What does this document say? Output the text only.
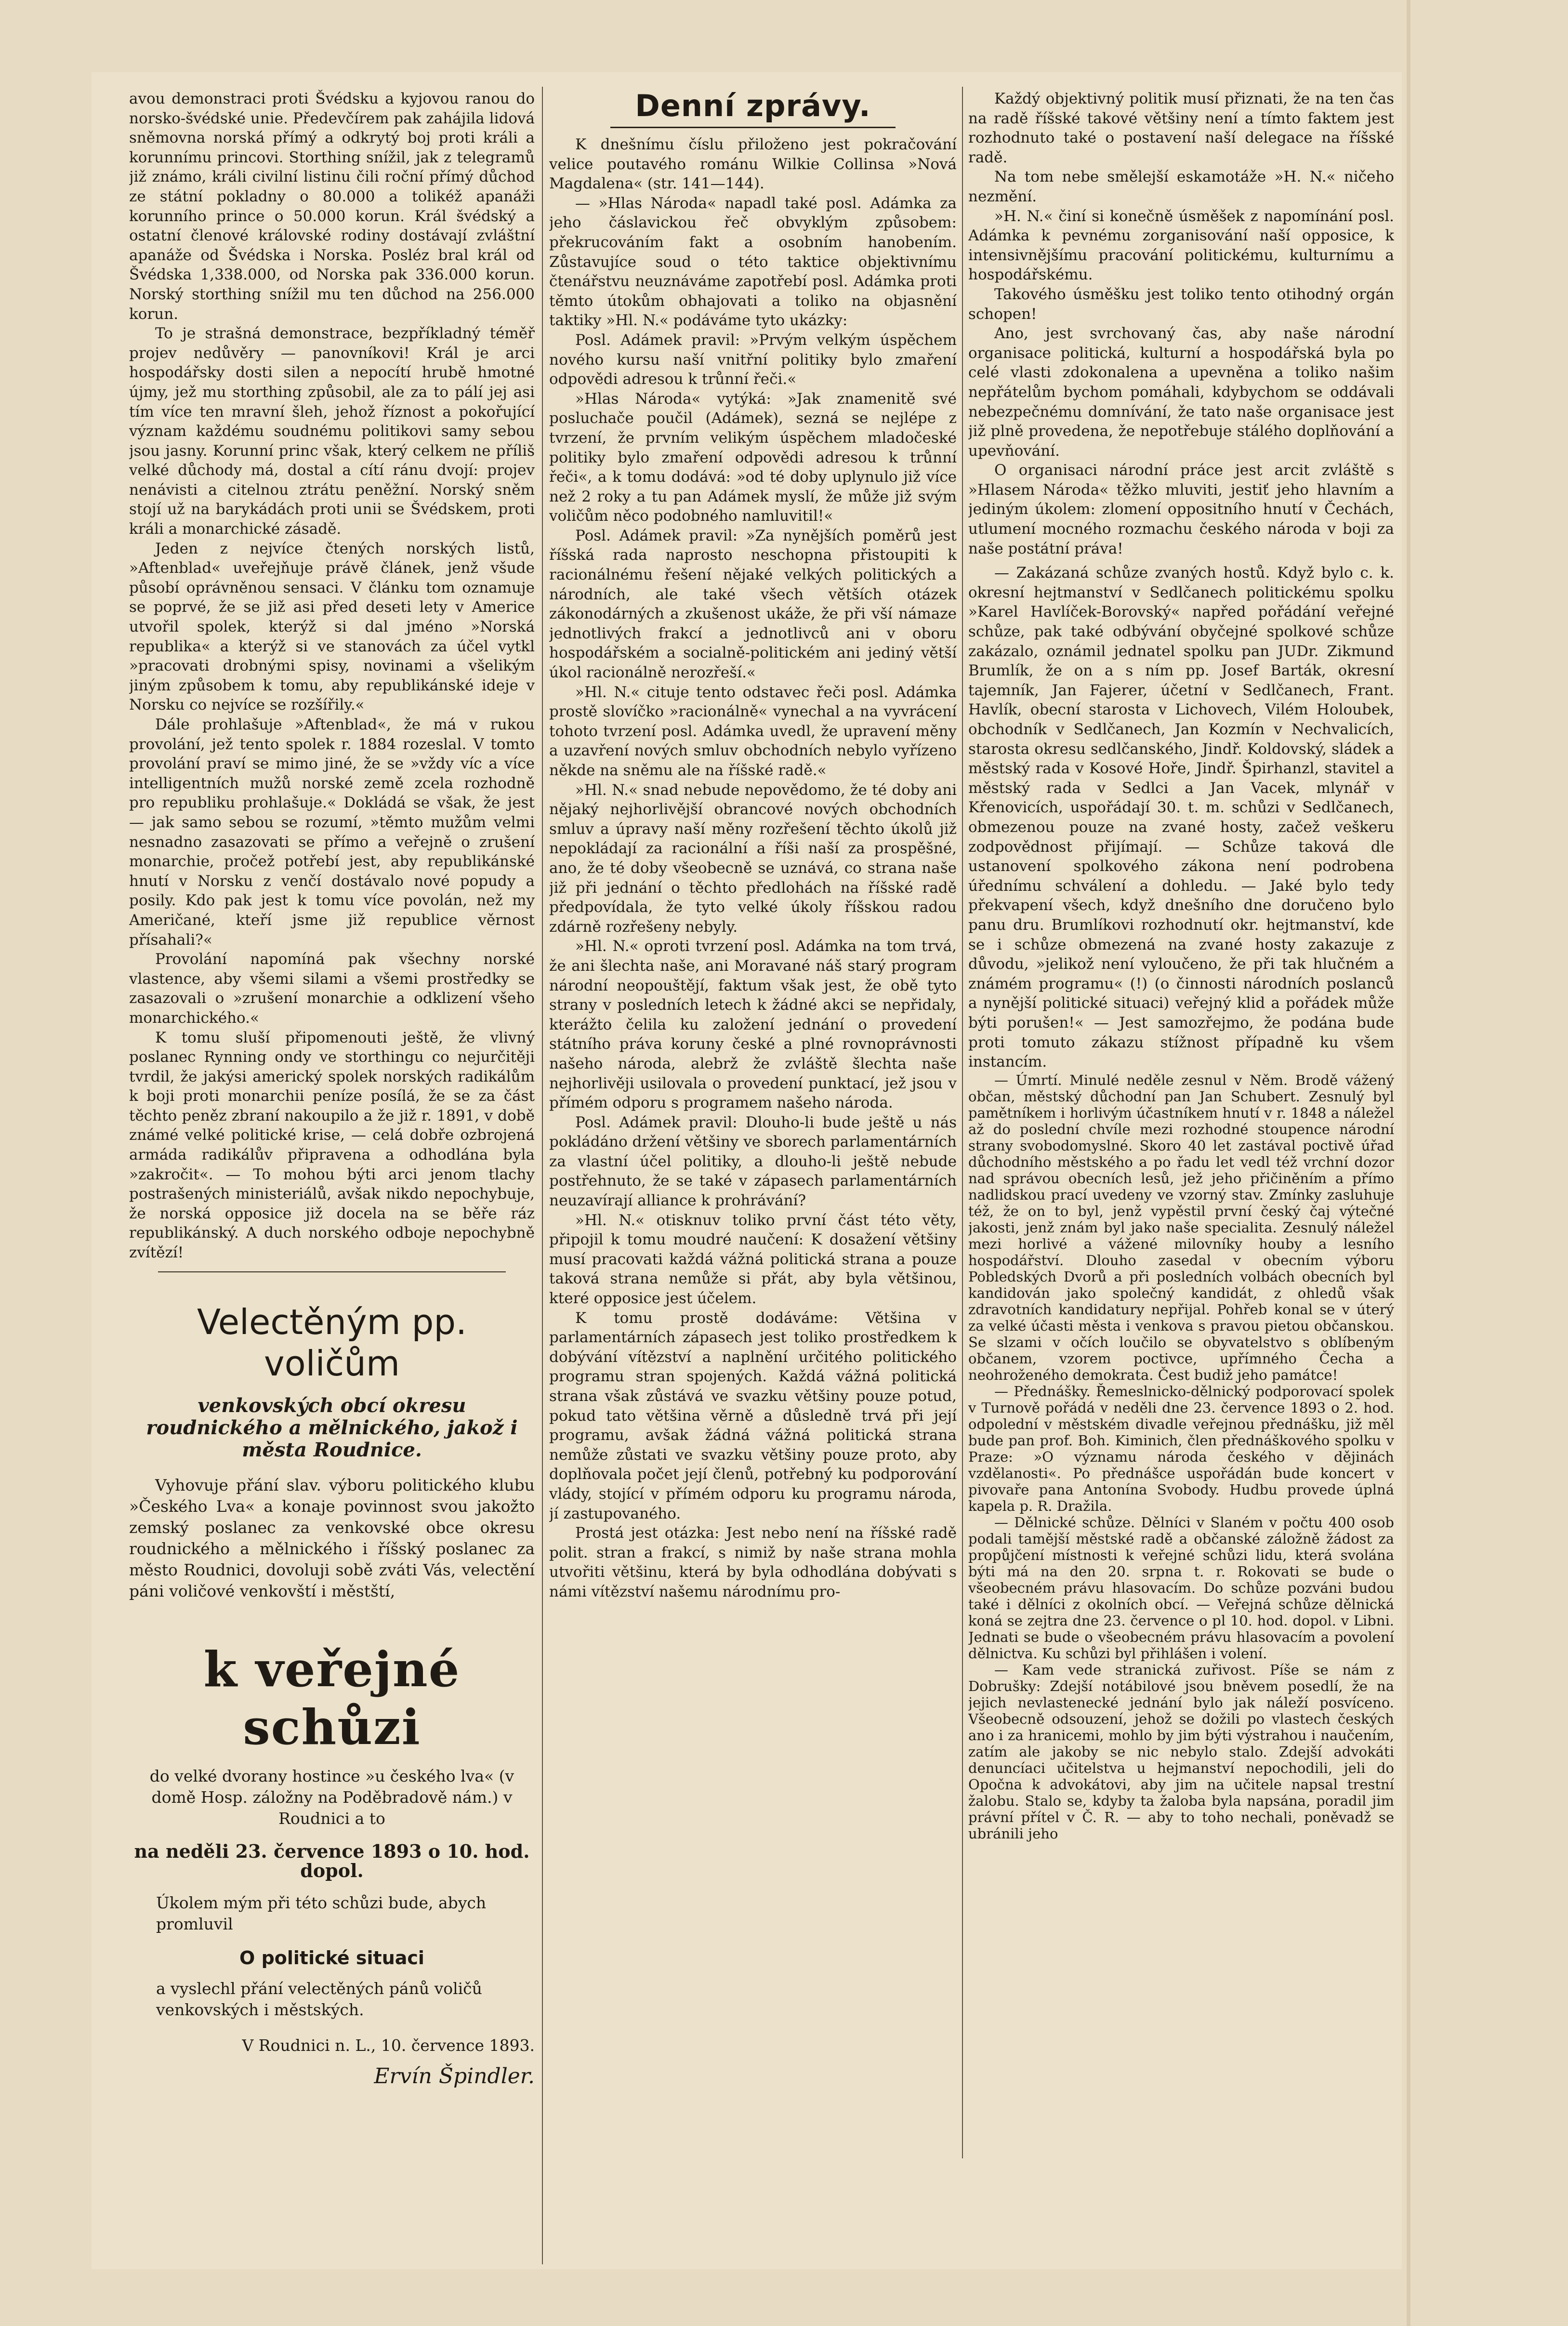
avou demonstraci proti Švédsku a kyjovou ranou do norsko-švédské unie. Předevčírem pak zahájila lidová sněmovna norská přímý a odkrytý boj proti králi a korunnímu princovi. Storthing snížil, jak z telegramů již známo, králi civilní listinu čili roční přímý důchod ze státní pokladny o 80.000 a tolikéž apanáži korunního prince o 50.000 korun. Král švédský a ostatní členové královské rodiny dostávají zvláštní apanáže od Švédska i Norska. Posléz bral král od Švédska 1,338.000, od Norska pak 336.000 korun. Norský storthing snížil mu ten důchod na 256.000 korun.

To je strašná demonstrace, bezpříkladný téměř projev nedůvěry — panovníkovi! Král je arci hospodářsky dosti silen a nepocítí hrubě hmotné újmy, jež mu storthing způsobil, ale za to pálí jej asi tím více ten mravní šleh, jehož říznost a pokořující význam každému soudnému politikovi samy sebou jsou jasny. Korunní princ však, který celkem ne příliš velké důchody má, dostal a cítí ránu dvojí: projev nenávisti a citelnou ztrátu peněžní. Norský sněm stojí už na barykádách proti unii se Švédskem, proti králi a monarchické zásadě.

Jeden z nejvíce čtených norských listů, »Aftenblad« uveřejňuje právě článek, jenž všude působí oprávněnou sensaci. V článku tom oznamuje se poprvé, že se již asi před deseti lety v Americe utvořil spolek, kterýž si dal jméno »Norská republika« a kterýž si ve stanovách za účel vytkl »pracovati drobnými spisy, novinami a všelikým jiným způsobem k tomu, aby republikánské ideje v Norsku co nejvíce se rozšířily.«

Dále prohlašuje »Aftenblad«, že má v rukou provolání, jež tento spolek r. 1884 rozeslal. V tomto provolání praví se mimo jiné, že se »vždy víc a více intelligentních mužů norské země zcela rozhodně pro republiku prohlašuje.« Dokládá se však, že jest — jak samo sebou se rozumí, »těmto mužům velmi nesnadno zasazovati se přímo a veřejně o zrušení monarchie, pročež potřebí jest, aby republikánské hnutí v Norsku z venčí dostávalo nové popudy a posily. Kdo pak jest k tomu více povolán, než my Američané, kteří jsme již republice věrnost přísahali?«

Provolání napomíná pak všechny norské vlastence, aby všemi silami a všemi prostředky se zasazovali o »zrušení monarchie a odklizení všeho monarchického.«

K tomu sluší připomenouti ještě, že vlivný poslanec Rynning ondy ve storthingu co nejurčitěji tvrdil, že jakýsi americký spolek norských radikálům k boji proti monarchii peníze posílá, že se za část těchto peněz zbraní nakoupilo a že již r. 1891, v době známé velké politické krise, — celá dobře ozbrojená armáda radikálův připravena a odhodlána byla »zakročit«. — To mohou býti arci jenom tlachy postrašených ministeriálů, avšak nikdo nepochybuje, že norská opposice již docela na se běře ráz republikánský. A duch norského odboje nepochybně zvítězí!

Velectěným pp. voličům
venkovských obcí okresu roudnického a mělnického, jakož i města Roudnice.

Vyhovuje přání slav. výboru politického klubu »Českého Lva« a konaje povinnost svou jakožto zemský poslanec za venkovské obce okresu roudnického a mělnického i říšský poslanec za město Roudnici, dovoluji sobě zváti Vás, velectění páni voličové venkovští i městští,

k veřejné schůzi
do velké dvorany hostince »u českého lva« (v domě Hosp. záložny na Poděbradově nám.) v Roudnici a to
na neděli 23. července 1893 o 10. hod. dopol.
Úkolem mým při této schůzi bude, abych promluvil
O politické situaci
a vyslechl přání velectěných pánů voličů venkovských i městských.
V Roudnici n. L., 10. července 1893.
Ervín Špindler.
Denní zprávy.

K dnešnímu číslu přiloženo jest pokračování velice poutavého románu Wilkie Collinsa »Nová Magdalena« (str. 141—144).

— »Hlas Národa« napadl také posl. Adámka za jeho čáslavickou řeč obvyklým způsobem: překrucováním fakt a osobním hanobením. Zůstavujíce soud o této taktice objektivnímu čtenářstvu neuznáváme zapotřebí posl. Adámka proti těmto útokům obhajovati a toliko na objasnění taktiky »Hl. N.« podáváme tyto ukázky:

Posl. Adámek pravil: »Prvým velkým úspěchem nového kursu naší vnitřní politiky bylo zmaření odpovědi adresou k trůnní řeči.«

»Hlas Národa« vytýká: »Jak znamenitě své posluchače poučil (Adámek), sezná se nejlépe z tvrzení, že prvním velikým úspěchem mladočeské politiky bylo zmaření odpovědi adresou k trůnní řeči«, a k tomu dodává: »od té doby uplynulo již více než 2 roky a tu pan Adámek myslí, že může již svým voličům něco podobného namluvitil!«

Posl. Adámek pravil: »Za nynějších poměrů jest říšská rada naprosto neschopna přistoupiti k racionálnému řešení nějaké velkých politických a národních, ale také všech větších otázek zákonodárných a zkušenost ukáže, že při vší námaze jednotlivých frakcí a jednotlivců ani v oboru hospodářském a socialně-politickém ani jediný větší úkol racionálně nerozřeší.«

»Hl. N.« cituje tento odstavec řeči posl. Adámka prostě slovíčko »racionálně« vynechal a na vyvrácení tohoto tvrzení posl. Adámka uvedl, že upravení měny a uzavření nových smluv obchodních nebylo vyřízeno někde na sněmu ale na říšské radě.«

»Hl. N.« snad nebude nepovědomo, že té doby ani nějaký nejhorlivější obrancové nových obchodních smluv a úpravy naší měny rozřešení těchto úkolů již nepokládají za racionální a říši naší za prospěšné, ano, že té doby všeobecně se uznává, co strana naše již při jednání o těchto předlohách na říšské radě předpovídala, že tyto velké úkoly říšskou radou zdárně rozřešeny nebyly.

»Hl. N.« oproti tvrzení posl. Adámka na tom trvá, že ani šlechta naše, ani Moravané náš starý program národní neopouštějí, faktum však jest, že obě tyto strany v posledních letech k žádné akci se nepřidaly, kterážto čelila ku založení jednání o provedení státního práva koruny české a plné rovnoprávnosti našeho národa, alebrž že zvláště šlechta naše nejhorlivěji usilovala o provedení punktací, jež jsou v přímém odporu s programem našeho národa.

Posl. Adámek pravil: Dlouho-li bude ještě u nás pokládáno držení většiny ve sborech parlamentárních za vlastní účel politiky, a dlouho-li ještě nebude postřehnuto, že se také v zápasech parlamentárních neuzavírají alliance k prohrávání?

»Hl. N.« otisknuv toliko první část této věty, připojil k tomu moudré naučení: K dosažení většiny musí pracovati každá vážná politická strana a pouze taková strana nemůže si přát, aby byla většinou, které opposice jest účelem.

K tomu prostě dodáváme: Většina v parlamentárních zápasech jest toliko prostředkem k dobývání vítězství a naplnění určitého politického programu stran spojených. Každá vážná politická strana však zůstává ve svazku většiny pouze potud, pokud tato většina věrně a důsledně trvá při její programu, avšak žádná vážná politická strana nemůže zůstati ve svazku většiny pouze proto, aby doplňovala počet její členů, potřebný ku podporování vlády, stojící v přímém odporu ku programu národa, jí zastupovaného.

Prostá jest otázka: Jest nebo není na říšské radě polit. stran a frakcí, s nimiž by naše strana mohla utvořiti většinu, která by byla odhodlána dobývati s námi vítězství našemu národnímu pro-

Každý objektivný politik musí přiznati, že na ten čas na radě říšské takové většiny není a tímto faktem jest rozhodnuto také o postavení naší delegace na říšské radě.

Na tom nebe smělejší eskamotáže »H. N.« ničeho nezmění.

»H. N.« činí si konečně úsměšek z napomínání posl. Adámka k pevnému zorganisování naší opposice, k intensivnějšímu pracování politickému, kulturnímu a hospodářskému.

Takového úsměšku jest toliko tento otihodný orgán schopen!

Ano, jest svrchovaný čas, aby naše národní organisace politická, kulturní a hospodářská byla po celé vlasti zdokonalena a upevněna a toliko našim nepřátelům bychom pomáhali, kdybychom se oddávali nebezpečnému domnívání, že tato naše organisace jest již plně provedena, že nepotřebuje stálého doplňování a upevňování.

O organisaci národní práce jest arcit zvláště s »Hlasem Národa« těžko mluviti, jestiť jeho hlavním a jediným úkolem: zlomení oppositního hnutí v Čechách, utlumení mocného rozmachu českého národa v boji za naše postátní práva!

— Zakázaná schůze zvaných hostů. Když bylo c. k. okresní hejtmanství v Sedlčanech politickému spolku »Karel Havlíček-Borovský« napřed pořádání veřejné schůze, pak také odbývání obyčejné spolkové schůze zakázalo, oznámil jednatel spolku pan JUDr. Zikmund Brumlík, že on a s ním pp. Josef Barták, okresní tajemník, Jan Fajerer, účetní v Sedlčanech, Frant. Havlík, obecní starosta v Lichovech, Vilém Holoubek, obchodník v Sedlčanech, Jan Kozmín v Nechvalicích, starosta okresu sedlčanského, Jindř. Koldovský, sládek a městský rada v Kosové Hoře, Jindř. Špirhanzl, stavitel a městský rada v Sedlci a Jan Vacek, mlynář v Křenovicích, uspořádají 30. t. m. schůzi v Sedlčanech, obmezenou pouze na zvané hosty, začež veškeru zodpovědnost přijímají. — Schůze taková dle ustanovení spolkového zákona není podrobena úřednímu schválení a dohledu. — Jaké bylo tedy překvapení všech, když dnešního dne doručeno bylo panu dru. Brumlíkovi rozhodnutí okr. hejtmanství, kde se i schůze obmezená na zvané hosty zakazuje z důvodu, »jelikož není vyloučeno, že při tak hlučném a známém programu« (!) (o činnosti národních poslanců a nynější politické situaci) veřejný klid a pořádek může býti porušen!« — Jest samozřejmo, že podána bude proti tomuto zákazu stížnost případně ku všem instancím.

— Úmrtí. Minulé neděle zesnul v Něm. Brodě vážený občan, městský důchodní pan Jan Schubert. Zesnulý byl pamětníkem i horlivým účastníkem hnutí v r. 1848 a náležel až do poslední chvíle mezi rozhodné stoupence národní strany svobodomyslné. Skoro 40 let zastával poctivě úřad důchodního městského a po řadu let vedl též vrchní dozor nad správou obecních lesů, jež jeho přičiněním a přímo nadlidskou prací uvedeny ve vzorný stav. Zmínky zasluhuje též, že on to byl, jenž vypěstil první český čaj výtečné jakosti, jenž znám byl jako naše specialita. Zesnulý náležel mezi horlivé a vážené milovníky houby a lesního hospodářství. Dlouho zasedal v obecním výboru Pobledských Dvorů a při posledních volbách obecních byl kandidován jako společný kandidát, z ohledů však zdravotních kandidatury nepřijal. Pohřeb konal se v úterý za velké účasti města i venkova s pravou pietou občanskou. Se slzami v očích loučilo se obyvatelstvo s oblíbeným občanem, vzorem poctivce, upřímného Čecha a neohroženého demokrata. Čest budiž jeho památce!

— Přednášky. Řemeslnicko-dělnický podporovací spolek v Turnově pořádá v neděli dne 23. července 1893 o 2. hod. odpolední v městském divadle veřejnou přednášku, již měl bude pan prof. Boh. Kiminich, člen přednáškového spolku v Praze: »O významu národa českého v dějinách vzdělanosti«. Po přednášce uspořádán bude koncert v pivovaře pana Antonína Svobody. Hudbu provede úplná kapela p. R. Dražila.

— Dělnické schůze. Dělníci v Slaném v počtu 400 osob podali tamější městské radě a občanské záložně žádost za propůjčení místnosti k veřejné schůzi lidu, která svolána býti má na den 20. srpna t. r. Rokovati se bude o všeobecném právu hlasovacím. Do schůze pozváni budou také i dělníci z okolních obcí. — Veřejná schůze dělnická koná se zejtra dne 23. července o pl 10. hod. dopol. v Libni. Jednati se bude o všeobecném právu hlasovacím a povolení dělnictva. Ku schůzi byl přihlášen i volení.

— Kam vede stranická zuřivost. Píše se nám z Dobrušky: Zdejší notábilové jsou bněvem posedlí, že na jejich nevlastenecké jednání bylo jak náleží posvíceno. Všeobecně odsouzení, jehož se dožili po vlastech českých ano i za hranicemi, mohlo by jim býti výstrahou i naučením, zatím ale jakoby se nic nebylo stalo. Zdejší advokáti denuncíaci učitelstva u hejmanství nepochodili, jeli do Opočna k advokátovi, aby jim na učitele napsal trestní žalobu. Stalo se, kdyby ta žaloba byla napsána, poradil jim právní přítel v Č. R. — aby to toho nechali, poněvadž se ubránili jeho
